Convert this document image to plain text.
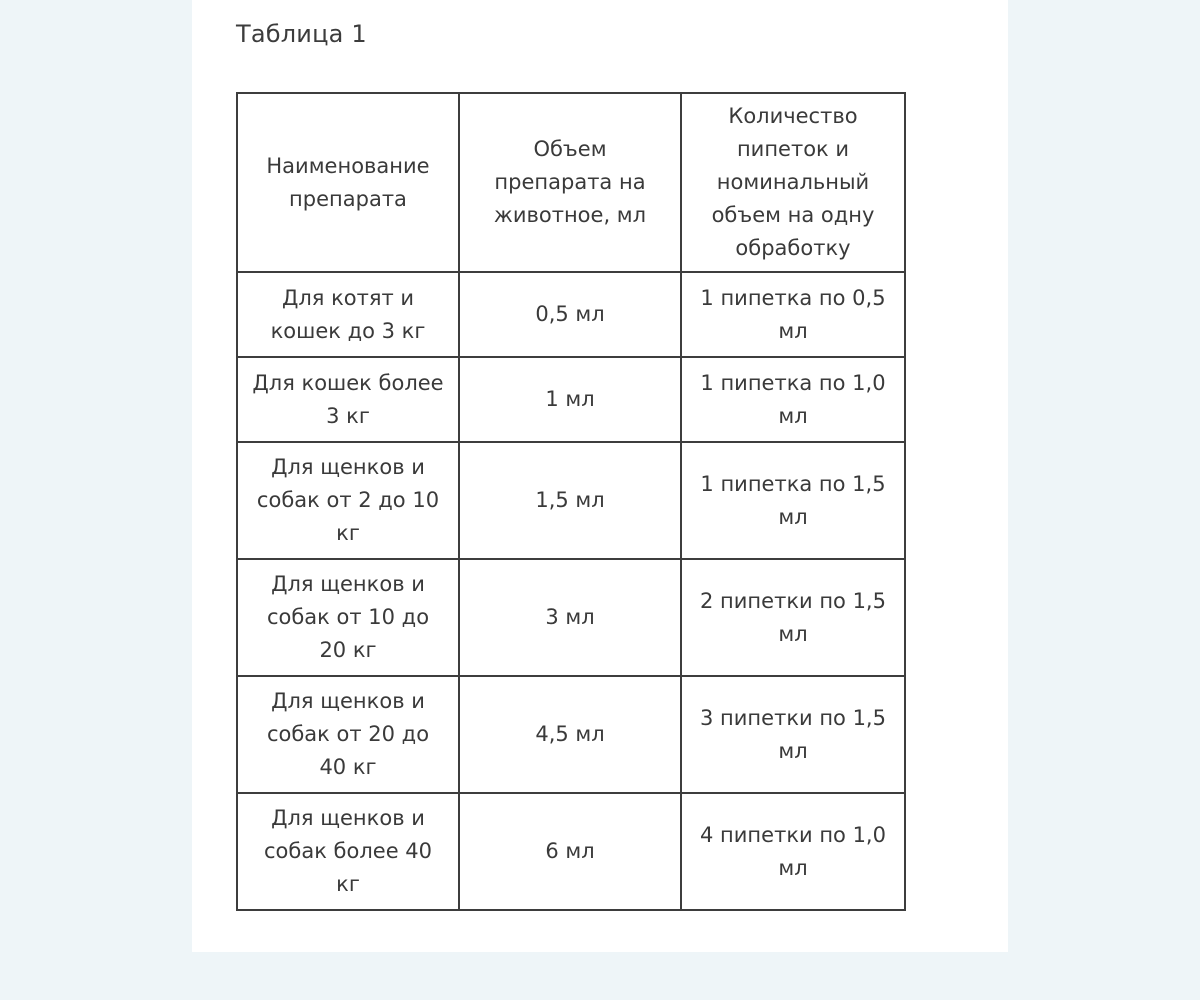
Таблица 1

Наименование препарата	Объем препарата на животное, мл	Количество пипеток и номинальный объем на одну обработку
Для котят и кошек до 3 кг	0,5 мл	1 пипетка по 0,5 мл
Для кошек более 3 кг	1 мл	1 пипетка по 1,0 мл
Для щенков и собак от 2 до 10 кг	1,5 мл	1 пипетка по 1,5 мл
Для щенков и собак от 10 до 20 кг	3 мл	2 пипетки по 1,5 мл
Для щенков и собак от 20 до 40 кг	4,5 мл	3 пипетки по 1,5 мл
Для щенков и собак более 40 кг	6 мл	4 пипетки по 1,0 мл
